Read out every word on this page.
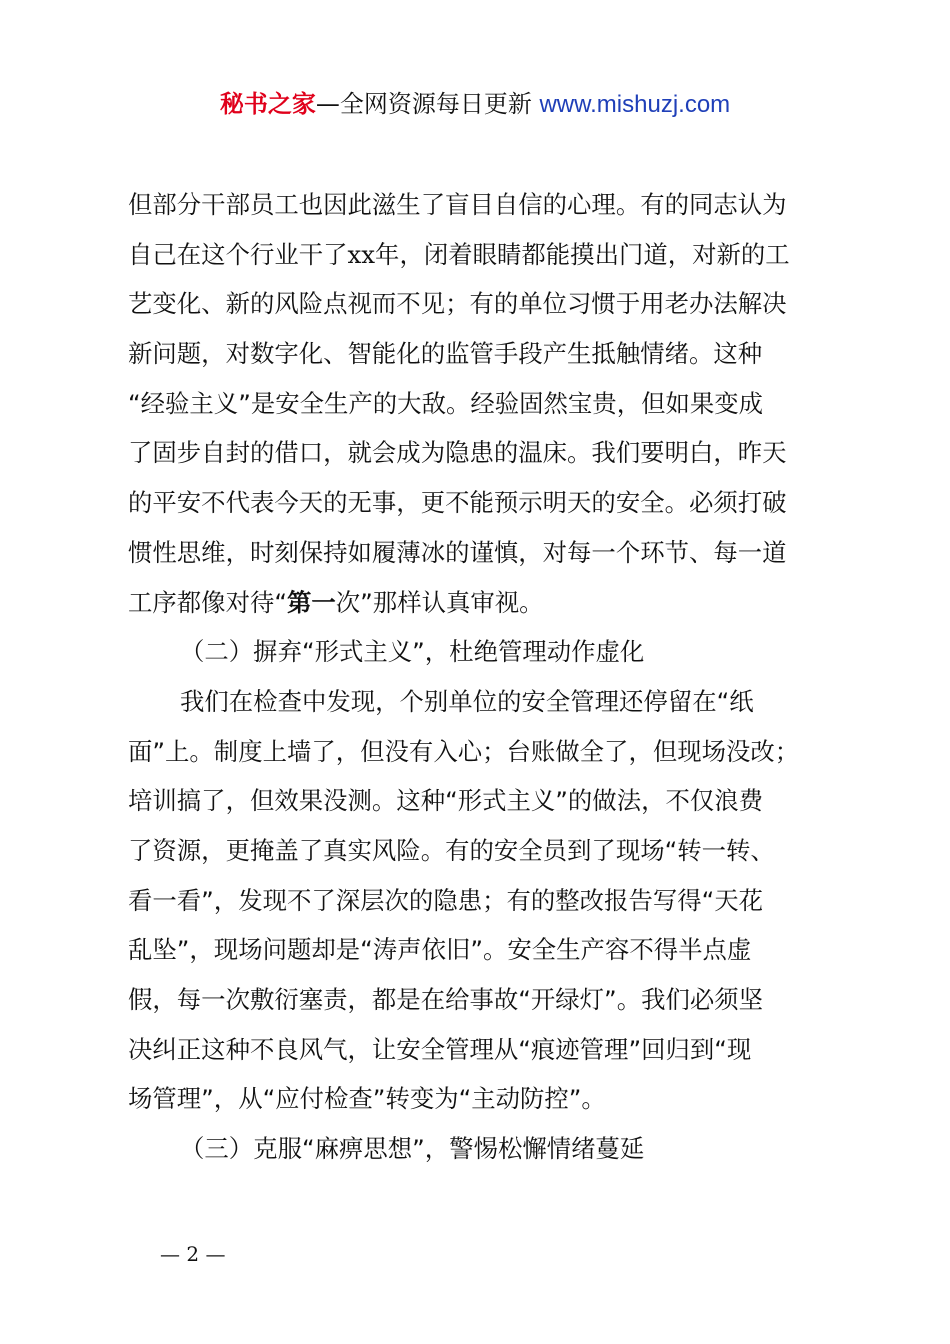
秘书之家—全网资源每日更新 www.mishuzj.com
但部分干部员工也因此滋生了盲目自信的心理。有的同志认为
自己在这个行业干了xx年，闭着眼睛都能摸出门道，对新的工
艺变化、新的风险点视而不见；有的单位习惯于用老办法解决
新问题，对数字化、智能化的监管手段产生抵触情绪。这种
“经验主义”是安全生产的大敌。经验固然宝贵，但如果变成
了固步自封的借口，就会成为隐患的温床。我们要明白，昨天
的平安不代表今天的无事，更不能预示明天的安全。必须打破
惯性思维，时刻保持如履薄冰的谨慎，对每一个环节、每一道
工序都像对待“第一次”那样认真审视。
（二）摒弃“形式主义”，杜绝管理动作虚化
我们在检查中发现，个别单位的安全管理还停留在“纸
面”上。制度上墙了，但没有入心；台账做全了，但现场没改；
培训搞了，但效果没测。这种“形式主义”的做法，不仅浪费
了资源，更掩盖了真实风险。有的安全员到了现场“转一转、
看一看”，发现不了深层次的隐患；有的整改报告写得“天花
乱坠”，现场问题却是“涛声依旧”。安全生产容不得半点虚
假，每一次敷衍塞责，都是在给事故“开绿灯”。我们必须坚
决纠正这种不良风气，让安全管理从“痕迹管理”回归到“现
场管理”，从“应付检查”转变为“主动防控”。
（三）克服“麻痹思想”，警惕松懈情绪蔓延
— 2 —
